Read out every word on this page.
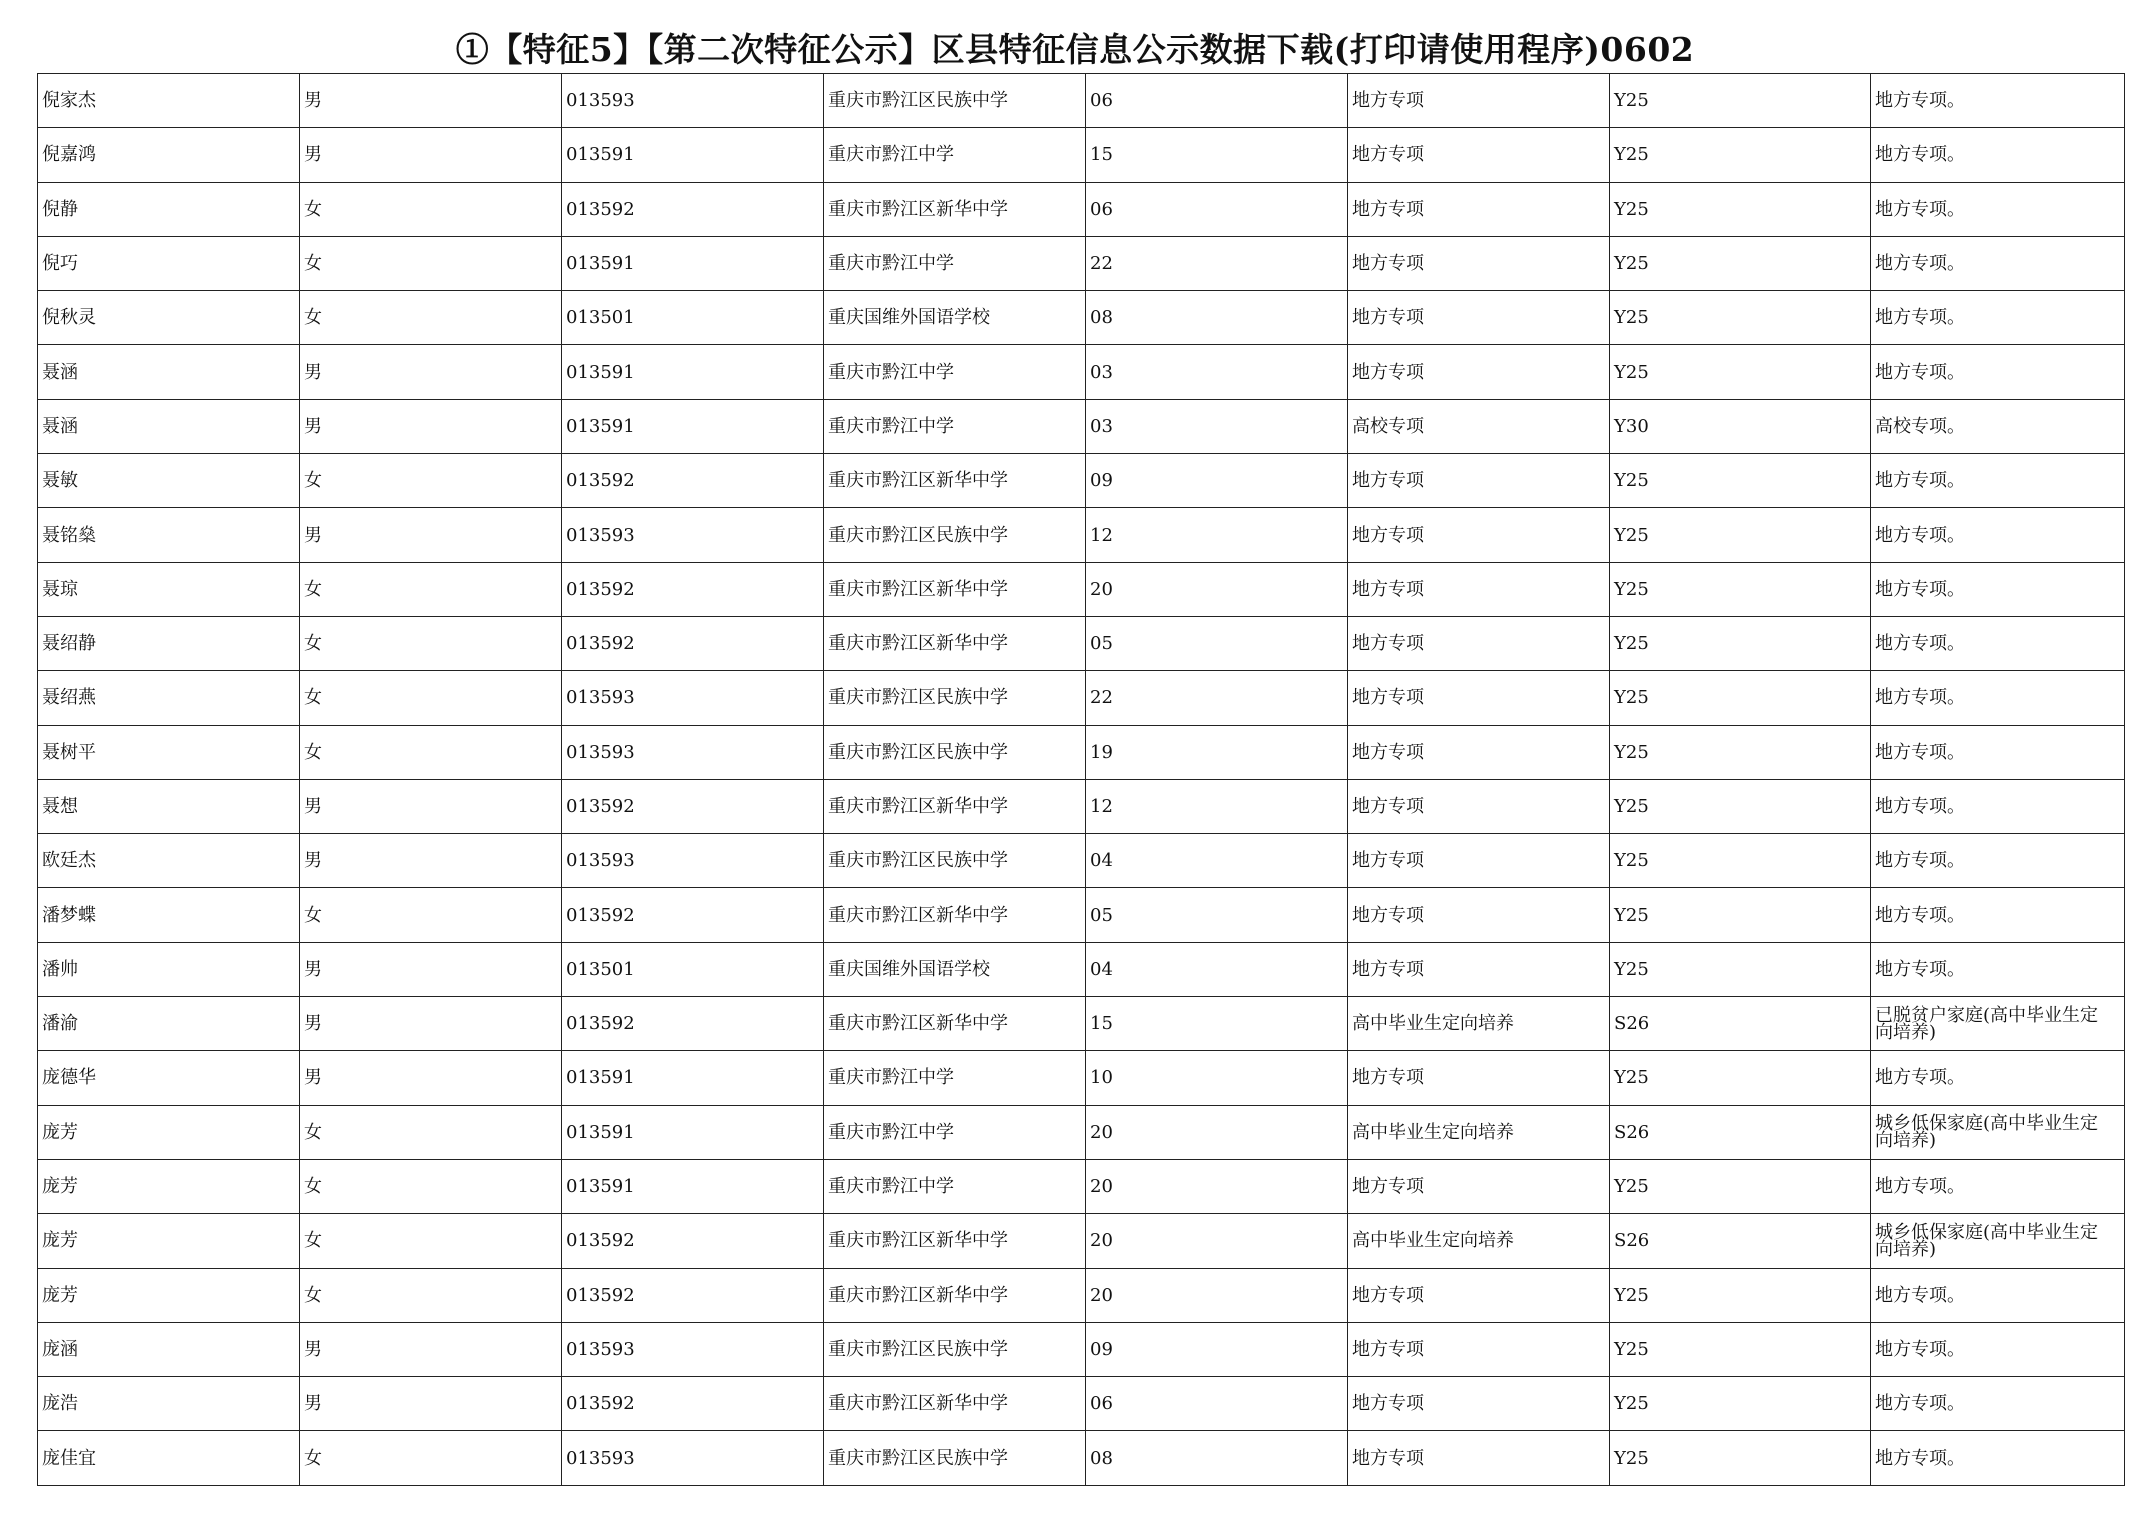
①【特征5】【第二次特征公示】区县特征信息公示数据下载(打印请使用程序)0602
倪家杰	男	013593	重庆市黔江区民族中学	06	地方专项	Y25	地方专项。
倪嘉鸿	男	013591	重庆市黔江中学	15	地方专项	Y25	地方专项。
倪静	女	013592	重庆市黔江区新华中学	06	地方专项	Y25	地方专项。
倪巧	女	013591	重庆市黔江中学	22	地方专项	Y25	地方专项。
倪秋灵	女	013501	重庆国维外国语学校	08	地方专项	Y25	地方专项。
聂涵	男	013591	重庆市黔江中学	03	地方专项	Y25	地方专项。
聂涵	男	013591	重庆市黔江中学	03	高校专项	Y30	高校专项。
聂敏	女	013592	重庆市黔江区新华中学	09	地方专项	Y25	地方专项。
聂铭燊	男	013593	重庆市黔江区民族中学	12	地方专项	Y25	地方专项。
聂琼	女	013592	重庆市黔江区新华中学	20	地方专项	Y25	地方专项。
聂绍静	女	013592	重庆市黔江区新华中学	05	地方专项	Y25	地方专项。
聂绍燕	女	013593	重庆市黔江区民族中学	22	地方专项	Y25	地方专项。
聂树平	女	013593	重庆市黔江区民族中学	19	地方专项	Y25	地方专项。
聂想	男	013592	重庆市黔江区新华中学	12	地方专项	Y25	地方专项。
欧廷杰	男	013593	重庆市黔江区民族中学	04	地方专项	Y25	地方专项。
潘梦蝶	女	013592	重庆市黔江区新华中学	05	地方专项	Y25	地方专项。
潘帅	男	013501	重庆国维外国语学校	04	地方专项	Y25	地方专项。
潘渝	男	013592	重庆市黔江区新华中学	15	高中毕业生定向培养	S26	已脱贫户家庭(高中毕业生定向培养)
庞德华	男	013591	重庆市黔江中学	10	地方专项	Y25	地方专项。
庞芳	女	013591	重庆市黔江中学	20	高中毕业生定向培养	S26	城乡低保家庭(高中毕业生定向培养)
庞芳	女	013591	重庆市黔江中学	20	地方专项	Y25	地方专项。
庞芳	女	013592	重庆市黔江区新华中学	20	高中毕业生定向培养	S26	城乡低保家庭(高中毕业生定向培养)
庞芳	女	013592	重庆市黔江区新华中学	20	地方专项	Y25	地方专项。
庞涵	男	013593	重庆市黔江区民族中学	09	地方专项	Y25	地方专项。
庞浩	男	013592	重庆市黔江区新华中学	06	地方专项	Y25	地方专项。
庞佳宜	女	013593	重庆市黔江区民族中学	08	地方专项	Y25	地方专项。
